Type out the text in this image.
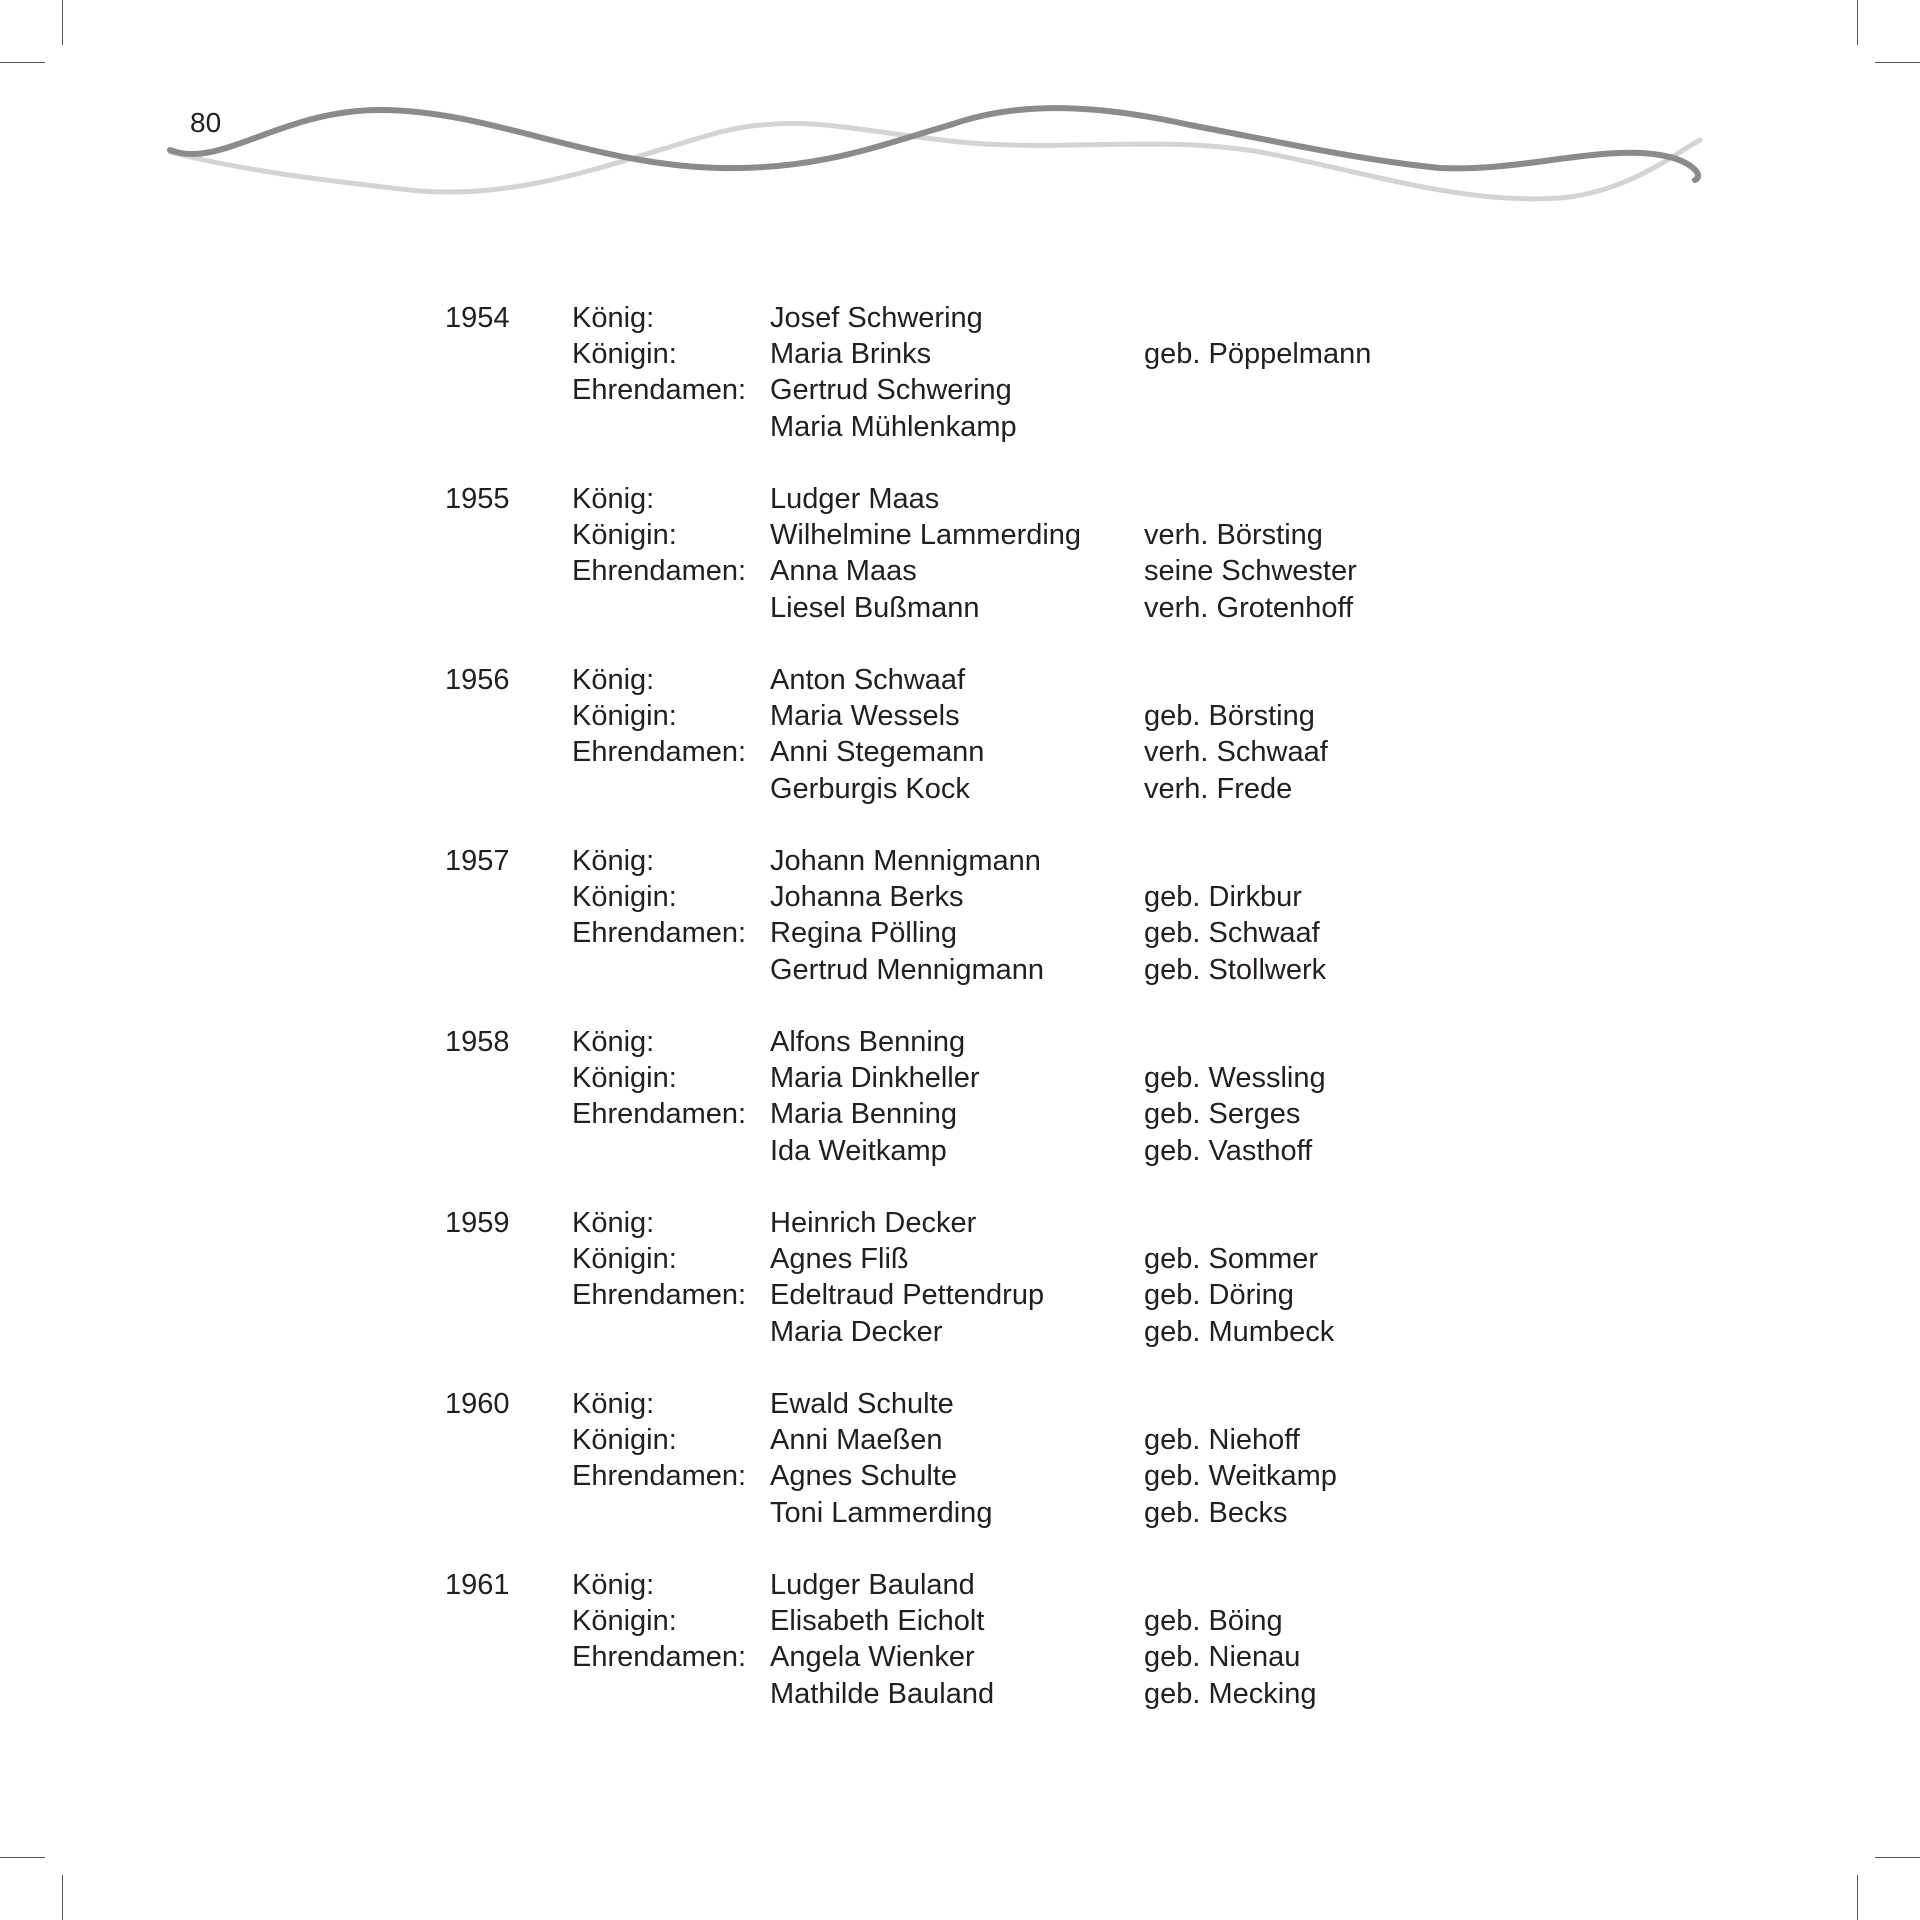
80
1954 König:	Josef Schwering
Königin:	Maria Brinks	geb. Pöppelmann
Ehrendamen: Gertrud Schwering
Maria Mühlenkamp
1955 König:	Ludger Maas
Königin:	Wilhelmine Lammerding verh. Börsting
Ehrendamen: Anna Maas	seine Schwester
Liesel Bußmann	verh. Grotenhoff
1956 König:	Anton Schwaaf
Königin:	Maria Wessels	geb. Börsting
Ehrendamen: Anni Stegemann	verh. Schwaaf
Gerburgis Kock	verh. Frede
1957 König:	Johann Mennigmann
Königin:	Johanna Berks	geb. Dirkbur
Ehrendamen: Regina Pölling	geb. Schwaaf
Gertrud Mennigmann	geb. Stollwerk
1958 König:	Alfons Benning
Königin:	Maria Dinkheller	geb. Wessling
Ehrendamen: Maria Benning	geb. Serges
Ida Weitkamp	geb. Vasthoff
1959 König:	Heinrich Decker
Königin:	Agnes Fliß	geb. Sommer
Ehrendamen: Edeltraud Pettendrup	geb. Döring
Maria Decker	geb. Mumbeck
1960 König:	Ewald Schulte
Königin:	Anni Maeßen	geb. Niehoff
Ehrendamen: Agnes Schulte	geb. Weitkamp
Toni Lammerding	geb. Becks
1961 König:	Ludger Bauland
Königin:	Elisabeth Eicholt	geb. Böing
Ehrendamen: Angela Wienker	geb. Nienau
Mathilde Bauland	geb. Mecking
